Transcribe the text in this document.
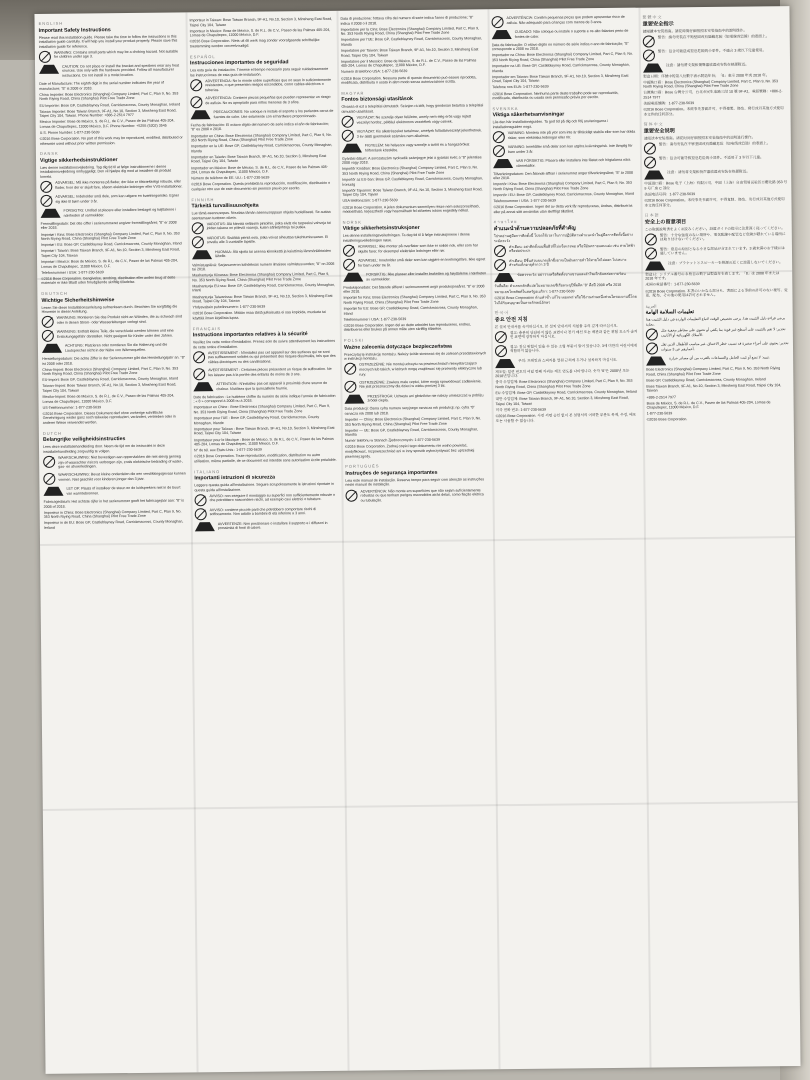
ENGLISH
Important Safety Instructions
Please read this installation guide. Please take the time to follow the instructions in this installation guide carefully. It will help you install your product properly. Please save this installation guide for reference.
WARNING: Contains small parts which may be a choking hazard. Not suitable for children under age 3.
CAUTION: Do not place or install the bracket and speakers near any heat sources. Use only with the hardware provided. Follow all manufacturer instructions. Do not install in a moist location.
Date of Manufacture: The eighth digit in the serial number indicates the year of manufacture; "8" is 2008 or 2018.
China Importer: Bose Electronics (Shanghai) Company Limited, Part C, Plan 9, No. 353 North Riying Road, China (Shanghai) Pilot Free Trade Zone
EU Importer: Bose GP, Castleblayney Road, Carrickmacross, County Monaghan, Ireland
Taiwan Importer: Bose Taiwan Branch, 9F-A1, No.10, Section 3, Minsheng East Road, Taipei City 104, Taiwan. Phone Number: +886-2-2514 7977
Mexico Importer: Bose de México, S. de R.L. de C.V., Paseo de las Palmas 405-204, Lomas de Chapultepec, 11000 México, D.F. Phone Number: +5255 (5202) 3545
U.S. Phone Number: 1-877-230-5639
©2016 Bose Corporation. No part of this work may be reproduced, modified, distributed or otherwise used without prior written permission.
DANSK
Vigtige sikkerhedsinstruktioner
Læs denne installationsvejledning. Tag dig tid til at følge instruktionerne i denne installationsvejledning omhyggeligt. Den vil hjælpe dig med at installere dit produkt korrekt.
ADVARSEL: Må ikke monteres på flader, der ikke er tilstrækkeligt robuste, eller flader, hvor der er skjult fare, såsom elektriske ledninger eller VVS-installationer.
ADVARSEL: Indeholder små dele, som kan udgøre en kvælningsrisiko. Egner sig ikke til børn under 3 år.
FORSIGTIG: Undlad at placere eller installere beslaget og højttalerne i nærheden af varmekilder.
Fremstillingsdato: Det otte ciffer i serienummeret angiver fremstillingsåret; "8" er 2008 eller 2018.
Importør i Kina: Bose Electronics (Shanghai) Company Limited, Part C, Plan 9, No. 353 North Riying Road, China (Shanghai) Pilot Free Trade Zone
Importør i EU: Bose GP, Castleblayney Road, Carrickmacross, County Monaghan, Irland
Importør i Taiwan: Bose Taiwan Branch, 9F-A1, No.10, Section 3, Minsheng East Road, Taipei City 104, Taiwan
Importør i Mexico: Bose de México, S. de R.L. de C.V., Paseo de las Palmas 405-204, Lomas de Chapultepec, 11000 México, D.F.
Telefonnummer i USA: 1-877-230-5639
©2016 Bose Corporation. Gengivelse, ændring, distribution eller anden brug af dette materiale er ikke tilladt uden forudgående skriftlig tilladelse.
DEUTSCH
Wichtige Sicherheitshinweise
Lesen Sie diese Installationsanleitung aufmerksam durch. Beachten Sie sorgfältig die Hinweise in dieser Anleitung.
WARNUNG: Montieren Sie das Produkt nicht an Wänden, die zu schwach sind oder in denen Strom- oder Wasserleitungen verlegt sind.
WARNUNG: Enthält kleine Teile, die verschluckt werden können und eine Erstickungsgefahr darstellen. Nicht geeignet für Kinder unter drei Jahren.
ACHTUNG: Platzieren oder montieren Sie die Halterung und die Lautsprecher nicht in der Nähe von Wärmequellen.
Herstellungsdatum: Die achte Ziffer in der Seriennummer gibt das Herstellungsjahr an. "8" ist 2008 oder 2018.
China-Import: Bose Electronics (Shanghai) Company Limited, Part C, Plan 9, No. 353 North Riying Road, China (Shanghai) Pilot Free Trade Zone
EU-Import: Bose GP, Castleblayney Road, Carrickmacross, County Monaghan, Irland
Taiwan-Import: Bose Taiwan Branch, 9F-A1, No.10, Section 3, Minsheng East Road, Taipei City 104, Taiwan
Mexiko-Import: Bose de México, S. de R.L. de C.V., Paseo de las Palmas 405-204, Lomas de Chapultepec, 11000 México, D.F.
US-Telefonnummer: 1-877-230-5639
©2016 Bose Corporation. Dieses Dokument darf ohne vorherige schriftliche Genehmigung weder ganz noch teilweise reproduziert, verändert, vertrieben oder in anderer Weise verwendet werden.
DUTCH
Belangrijke veiligheidsinstructies
Lees deze installatiehandleiding door. Neem de tijd om de instructies in deze installatiehandleiding zorgvuldig te volgen.
WAARSCHUWING: Niet bevestigen aan oppervlakken die niet stevig genoeg zijn of waarachter risico's verborgen zijn, zoals elektrische bedrading of water-, gas- en afvoerleidingen.
WAARSCHUWING: Bevat kleine onderdelen die een verstikkingsgevaar kunnen vormen. Niet geschikt voor kinderen jonger dan 3 jaar.
LET OP: Plaats of installeer de steun en de luidsprekers niet in de buurt van warmtebronnen.
Fabricagedatum: Het achtste cijfer in het serienummer geeft het fabricagejaar aan: "8" is 2008 of 2018.
Importeur in China: Bose Electronics (Shanghai) Company Limited, Part C, Plan 9, No. 353 North Riying Road, China (Shanghai) Pilot Free Trade Zone
Importeur in de EU: Bose GP, Castleblayney Road, Carrickmacross, County Monaghan, Ierland
Importeur in Taiwan: Bose Taiwan Branch, 9F-A1, No.10, Section 3, Minsheng East Road, Taipei City 104, Taiwan
Importeur in Mexico: Bose de México, S. de R.L. de C.V., Paseo de las Palmas 405-204, Lomas de Chapultepec, 11000 México, D.F.
©2016 Bose Corporation. Niets uit dit werk mag zonder voorafgaande schriftelijke toestemming worden verveelvoudigd.
ESPAÑOL
Instrucciones importantes de seguridad
Lea esta guía de instalación. Tómese el tiempo necesario para seguir cuidadosamente las instrucciones de esta guía de instalación.
ADVERTENCIA: No lo monte sobre superficies que no sean lo suficientemente resistentes, o que presenten riesgos escondidos, como cables eléctricos o tuberías.
ADVERTENCIA: Contiene piezas pequeñas que pueden representar un riesgo de asfixia. No es apropiado para niños menores de 3 años.
PRECAUCIONES: No coloque ni instale el soporte y los parlantes cerca de fuentes de calor. Use solamente con el hardware proporcionado.
Fecha de fabricación: El octavo dígito del número de serie indica el año de fabricación; "8" es 2008 o 2018.
Importador en China: Bose Electronics (Shanghai) Company Limited, Part C, Plan 9, No. 353 North Riying Road, China (Shanghai) Pilot Free Trade Zone
Importador en la UE: Bose GP, Castleblayney Road, Carrickmacross, County Monaghan, Irlanda
Importador en Taiwán: Bose Taiwan Branch, 9F-A1, No.10, Section 3, Minsheng East Road, Taipei City 104, Taiwán
Importador en México: Bose de México, S. de R.L. de C.V., Paseo de las Palmas 405-204, Lomas de Chapultepec, 11000 México, D.F.
Número de teléfono de EE. UU.: 1-877-230-5639
©2016 Bose Corporation. Queda prohibida la reproducción, modificación, distribución o cualquier otro uso de este documento sin permiso previo por escrito.
FINNISH
Tärkeitä turvallisuusohjeita
Lue tämä asennusopas. Noudata tämän asennusoppaan ohjeita huolellisesti. Se auttaa asentamaan tuotteen oikein.
VAROITUS: Älä kiinnitä sellaisiin pintoihin, jotka eivät ole tarpeeksi vahvoja tai joiden takana on piileviä vaaroja, kuten sähköjohtoja tai putkia.
VAROITUS: Sisältää pieniä osia, jotka voivat aiheuttaa tukehtumisvaaran. Ei sovellu alle 3-vuotiaille lapsille.
HUOMAA: Älä sijoita tai asenna kiinnikettä ja kaiuttimia lämmönlähteiden lähelle.
Valmistuspäivä: Sarjanumeron kahdeksas numero ilmaisee valmistusvuoden; "8" on 2008 tai 2018.
Maahantuoja Kiinassa: Bose Electronics (Shanghai) Company Limited, Part C, Plan 9, No. 353 North Riying Road, China (Shanghai) Pilot Free Trade Zone
Maahantuoja EU:ssa: Bose GP, Castleblayney Road, Carrickmacross, County Monaghan, Irlanti
Maahantuoja Taiwanissa: Bose Taiwan Branch, 9F-A1, No.10, Section 3, Minsheng East Road, Taipei City 104, Taiwan
Yhdysvaltain puhelinnumero: 1-877-230-5639
©2016 Bose Corporation. Mitään osaa tästä julkaisusta ei saa kopioida, muokata tai käyttää ilman kirjallista lupaa.
FRANÇAIS
Instructions importantes relatives à la sécurité
Veuillez lire cette notice d'installation. Prenez soin de suivre attentivement les instructions de cette notice d'installation.
AVERTISSEMENT : N'installez pas cet appareil sur des surfaces qui ne sont pas suffisamment solides ou qui présentent des risques dissimulés, tels que des câbles électriques ou des canalisations.
AVERTISSEMENT : Certaines pièces présentent un risque de suffocation. Ne les laissez pas à la portée des enfants de moins de 3 ans.
ATTENTION : N'installez pas cet appareil à proximité d'une source de chaleur. N'utilisez que la quincaillerie fournie.
Date de fabrication : Le huitième chiffre du numéro de série indique l'année de fabrication ; « 8 » correspond à 2008 ou à 2018.
Importateur en Chine : Bose Electronics (Shanghai) Company Limited, Part C, Plan 9, No. 353 North Riying Road, China (Shanghai) Pilot Free Trade Zone
Importateur pour l'UE : Bose GP, Castleblayney Road, Carrickmacross, County Monaghan, Irlande
Importateur pour Taïwan : Bose Taiwan Branch, 9F-A1, No.10, Section 3, Minsheng East Road, Taipei City 104, Taïwan
Importateur pour le Mexique : Bose de México, S. de R.L. de C.V., Paseo de las Palmas 405-204, Lomas de Chapultepec, 11000 México, D.F.
N° de tél. aux États-Unis : 1-877-230-5639
©2016 Bose Corporation. Toute reproduction, modification, distribution ou autre utilisation, même partielle, de ce document est interdite sans autorisation écrite préalable.
ITALIANO
Importanti istruzioni di sicurezza
Leggere questa guida all'installazione. Seguire scrupolosamente le istruzioni riportate in questa guida all'installazione.
AVVISO: non eseguire il montaggio su superfici non sufficientemente robuste o che potrebbero nascondere rischi, ad esempio cavi elettrici o tubature.
AVVISO: contiene piccole parti che potrebbero comportare rischi di soffocamento. Non adatto a bambini di età inferiore a 3 anni.
AVVERTENZE: Non posizionare o installare il supporto e i diffusori in prossimità di fonti di calore.
Data di produzione: l'ottava cifra del numero di serie indica l'anno di produzione; "8" indica il 2008 o il 2018.
Importatore per la Cina: Bose Electronics (Shanghai) Company Limited, Part C, Plan 9, No. 353 North Riying Road, China (Shanghai) Pilot Free Trade Zone
Importatore per l'UE: Bose GP, Castleblayney Road, Carrickmacross, County Monaghan, Irlanda
Importatore per Taiwan: Bose Taiwan Branch, 9F-A1, No.10, Section 3, Minsheng East Road, Taipei City 104, Taiwan
Importatore per il Messico: Bose de México, S. de R.L. de C.V., Paseo de las Palmas 405-204, Lomas de Chapultepec, 11000 México, D.F.
Numero di telefono USA: 1-877-230-5639
©2016 Bose Corporation. Nessuna parte di questo documento può essere riprodotta, modificata, distribuita o usata in altro modo senza autorizzazione scritta.
MAGYAR
Fontos biztonsági utasítások
Olvassa el ezt a telepítési útmutatót. Szánjon rá időt, hogy gondosan betartsa a telepítési útmutató utasításait.
VIGYÁZAT: Ne szerelje olyan felületre, amely nem elég erős vagy rejtett veszélyt hordoz, például elektromos vezetékek vagy csövek.
VIGYÁZAT: Kis alkatrészeket tartalmaz, amelyek fulladásveszélyt jelenthetnek. 3 év alatti gyermekek számára nem alkalmas.
FIGYELEM: Ne helyezze vagy szerelje a tartót és a hangszórókat hőforrások közelébe.
Gyártási dátum: A sorozatszám nyolcadik számjegye jelzi a gyártás évét; a "8" jelentése 2008 vagy 2018.
Importőr Kínában: Bose Electronics (Shanghai) Company Limited, Part C, Plan 9, No. 353 North Riying Road, China (Shanghai) Pilot Free Trade Zone
Importőr az EU-ban: Bose GP, Castleblayney Road, Carrickmacross, County Monaghan, Írország
Importőr Tajvanon: Bose Taiwan Branch, 9F-A1, No.10, Section 3, Minsheng East Road, Taipei City 104, Tajvan
USA telefonszám: 1-877-230-5639
©2016 Bose Corporation. A jelen dokumentum semmilyen része nem sokszorosítható, módosítható, terjeszthető vagy használható fel előzetes írásos engedély nélkül.
NORSK
Viktige sikkerhetsinstruksjoner
Les denne installeringsveiledningen. Ta deg tid til å følge instruksjonene i denne installeringsveiledningen nøye.
ADVARSEL: Ikke monter på overflater som ikke er solide nok, eller som har skjulte farer, for eksempel elektriske ledninger eller rør.
ADVARSEL: Inneholder små deler som kan utgjøre en kvelningsfare. Ikke egnet for barn under tre år.
FORSIKTIG: Ikke plasser eller installer braketten og høyttalerne i nærheten av varmekilder.
Produksjonsdato: Det åttende sifferet i serienummeret angir produksjonsåret. "8" er 2008 eller 2018.
Importør for Kina: Bose Electronics (Shanghai) Company Limited, Part C, Plan 9, No. 353 North Riying Road, China (Shanghai) Pilot Free Trade Zone
Importør for EU: Bose GP, Castleblayney Road, Carrickmacross, County Monaghan, Irland
Telefonnummer i USA: 1-877-230-5639
©2016 Bose Corporation. Ingen del av dette arbeidet kan reproduseres, endres, distribueres eller brukes på annen måte uten skriftlig tillatelse.
POLSKI
Ważne zalecenia dotyczące bezpieczeństwa
Przeczytaj tę instrukcję montażu. Należy ściśle stosować się do zaleceń przedstawionych w instrukcji montażu.
OSTRZEŻENIE: Nie montuj uchwytu na powierzchniach niewystarczająco mocnych lub takich, w których mogą znajdować się przewody elektryczne lub rury.
OSTRZEŻENIE: Zawiera małe części, które mogą spowodować zadławienie. Nie jest przeznaczony dla dzieci w wieku poniżej 3 lat.
PRZESTROGA: Uchwytu ani głośników nie należy umieszczać w pobliżu źródeł ciepła.
Data produkcji: Ósma cyfra numeru seryjnego oznacza rok produkcji; np. cyfra "8" oznacza rok 2008 lub 2018.
Importer — Chiny: Bose Electronics (Shanghai) Company Limited, Part C, Plan 9, No. 353 North Riying Road, China (Shanghai) Pilot Free Trade Zone
Importer — UE: Bose GP, Castleblayney Road, Carrickmacross, County Monaghan, Irlandia
Numer telefonu w Stanach Zjednoczonych: 1-877-230-5639
©2016 Bose Corporation. Żadnej części tego dokumentu nie wolno powielać, modyfikować, rozpowszechniać ani w inny sposób wykorzystywać bez uprzedniej pisemnej zgody.
PORTUGUÊS
Instruções de segurança importantes
Leia este manual de instalação. Reserve tempo para seguir com atenção as instruções neste manual de instalação.
ADVERTÊNCIA: Não monte em superfícies que não sejam suficientemente robustas ou que tenham perigos escondidos atrás delas, como fiação elétrica ou tubulação.
ADVERTÊNCIA: Contém pequenas peças que podem apresentar risco de asfixia. Não adequado para crianças com menos de 3 anos.
CUIDADO: Não coloque ou instale o suporte e os alto-falantes perto de fontes de calor.
Data de fabricação: O oitavo dígito no número de série indica o ano de fabricação; "8" corresponde a 2008 ou 2018.
Importador na China: Bose Electronics (Shanghai) Company Limited, Part C, Plan 9, No. 353 North Riying Road, China (Shanghai) Pilot Free Trade Zone
Importador na UE: Bose GP, Castleblayney Road, Carrickmacross, County Monaghan, Irlanda
Importador em Taiwan: Bose Taiwan Branch, 9F-A1, No.10, Section 3, Minsheng East Road, Taipei City 104, Taiwan
Telefone nos EUA: 1-877-230-5639
©2016 Bose Corporation. Nenhuma parte deste trabalho pode ser reproduzida, modificada, distribuída ou usada sem permissão prévia por escrito.
SVENSKA
Viktiga säkerhetsanvisningar
Läs den här installationsguiden. Ta god tid på dig och följ anvisningarna i installationsguiden noga.
VARNING: Montera inte på ytor som inte är tillräckligt stabila eller som har dolda risker, som elektriska ledningar eller rör.
VARNING: Innehåller små delar som kan utgöra kvävningsrisk. Inte lämplig för barn under 3 år.
VAR FÖRSIKTIG: Placera eller installera inte fästet och högtalarna nära värmekällor.
Tillverkningsdatum: Den åttonde siffran i serienumret anger tillverkningsåret; "8" är 2008 eller 2018.
Importör i Kina: Bose Electronics (Shanghai) Company Limited, Part C, Plan 9, No. 353 North Riying Road, China (Shanghai) Pilot Free Trade Zone
Importör i EU: Bose GP, Castleblayney Road, Carrickmacross, County Monaghan, Irland
Telefonnummer i USA: 1-877-230-5639
©2016 Bose Corporation. Ingen del av detta verk får reproduceras, ändras, distribueras eller på annat sätt användas utan skriftligt tillstånd.
ภาษาไทย
คำแนะนำด้านความปลอดภัยที่สำคัญ
โปรดอ่านคู่มือการติดตั้งนี้ โปรดใช้เวลาในการปฏิบัติตามคำแนะนำในคู่มือการติดตั้งนี้อย่างระมัดระวัง
คำเตือน: อย่าติดตั้งบนพื้นผิวที่ไม่แข็งแรงพอ หรือมีอันตรายแอบแฝง เช่น สายไฟฟ้าหรือท่อประปา
คำเตือน: มีชิ้นส่วนขนาดเล็กซึ่งอาจเป็นอันตรายทำให้หายใจไม่ออก ไม่เหมาะสำหรับเด็กอายุต่ำกว่า 3 ปี
ข้อควรระวัง: อย่าวางหรือติดตั้งขาแขวนและลำโพงใกล้แหล่งความร้อน
วันที่ผลิต: ตัวเลขหลักที่แปดในหมายเลขซีเรียลระบุปีที่ผลิต "8" คือปี 2008 หรือ 2018
หมายเลขโทรศัพท์ในสหรัฐอเมริกา: 1-877-230-5639
©2016 Bose Corporation ห้ามทำซ้ำ แก้ไข เผยแพร่ หรือใช้งานส่วนหนึ่งส่วนใดของงานนี้โดยไม่ได้รับอนุญาตเป็นลายลักษณ์อักษร
한국어
중요 안전 지침
본 설치 안내서를 숙지하십시오. 본 설치 안내서의 지침을 주의 깊게 따르십시오.
경고: 충분히 단단하지 않은 표면이나 전기 배선 또는 배관과 같은 위험 요소가 숨겨진 표면에 장착하지 마십시오.
경고: 질식 위험이 있을 수 있는 소형 부품이 들어 있습니다. 3세 미만의 어린이에게 적합하지 않습니다.
주의: 브래킷과 스피커를 열원 근처에 두거나 설치하지 마십시오.
제조일: 일련 번호의 여덟 번째 자리는 제조 연도를 나타냅니다. 숫자 "8"은 2008년 또는 2018년입니다.
중국 수입업체: Bose Electronics (Shanghai) Company Limited, Part C, Plan 9, No. 353 North Riying Road, China (Shanghai) Pilot Free Trade Zone
EU 수입업체: Bose GP, Castleblayney Road, Carrickmacross, County Monaghan, Ireland
대만 수입업체: Bose Taiwan Branch, 9F-A1, No.10, Section 3, Minsheng East Road, Taipei City 104, Taiwan
미국 전화 번호: 1-877-230-5639
©2016 Bose Corporation. 사전 서면 승인 없이 본 설명서의 어떠한 부분도 복제, 수정, 배포 또는 사용할 수 없습니다.
繁體中文
重要安全指示
請閱讀本安裝指南。請花時間仔細按照本安裝指南中的說明操作。
警告：請勿安裝在不夠堅固或有隱藏危險（如電線或管線）的表面上。
警告：包含可能造成窒息危險的小零件。不適合 3 歲以下兒童使用。
注意：請勿將支架和揚聲器放置或安裝在熱源附近。
製造日期：序號中的第八位數字表示製造年份；「8」表示 2008 年或 2018 年。
中國進口商：Bose Electronics (Shanghai) Company Limited, Part C, Plan 9, No. 353 North Riying Road, China (Shanghai) Pilot Free Trade Zone
台灣進口商：Bose 台灣分公司，台北市民生東路三段 10 號 9F-A1，電話號碼：+886-2-2514 7977
美國電話號碼：1-877-230-5639
©2016 Bose Corporation。未經事先書面許可，不得複製、修改、發行或以其他方式使用本文件的任何部分。
简体中文
重要安全说明
请阅读本安装指南。请花时间仔细按照本安装指南中的说明进行操作。
警告：请勿安装在不够坚固或有隐藏危险（如电线或管道）的表面上。
警告：包含可能导致窒息危险的小部件。不适用于 3 岁以下儿童。
注意：请勿将支架和扬声器放置或安装在热源附近。
中国进口商：Bose 电子（上海）有限公司，中国（上海）自由贸易试验区日樱北路 353 号 9 号厂房 C 部位
美国电话号码：1-877-230-5639
©2016 Bose Corporation。未经事先书面许可，不得复制、修改、发行或以其他方式使用本文的任何部分。
日本語
安全上の留意項目
この取扱説明書をよくお読みください。設置ガイドの指示に注意深く従ってください。
警告：十分な強度のない場所や、電気配線や配管など危険が隠れている場所には取り付けないでください。
警告：窒息の原因となる小さな部品が含まれています。3 歳未満のお子様には適していません。
注意：ブラケットとスピーカーを熱源の近くに設置しないでください。
製造日：シリアル番号の 8 桁目の数字は製造年を表します。「8」は 2008 年または 2018 年です。
米国の電話番号：1-877-230-5639
©2016 Bose Corporation. 本書のいかなる部分も、書面による事前の許可のない複写、変更、配布、その他の使用は許可されません。
العربية
تعليمات السلامة الهامة
يرجى قراءة دليل التثبيت هذا. يرجى تخصيص الوقت لاتباع التعليمات الواردة في دليل التثبيت هذا بعناية.
تحذير: لا تقم بالتثبيت على أسطح غير قوية بما يكفي أو تحتوي على مخاطر مخفية مثل الأسلاك الكهربائية أو الأنابيب.
تحذير: يحتوي على أجزاء صغيرة قد تسبب خطر الاختناق. غير مناسب للأطفال الذين تقل أعمارهم عن 3 سنوات.
تنبيه: لا تضع أو تثبت الحامل والسماعات بالقرب من أي مصادر حرارة.
Bose Electronics (Shanghai) Company Limited, Part C, Plan 9, No. 353 North Riying Road, China (Shanghai) Pilot Free Trade Zone
Bose GP, Castleblayney Road, Carrickmacross, County Monaghan, Ireland
Bose Taiwan Branch, 9F-A1, No.10, Section 3, Minsheng East Road, Taipei City 104, Taiwan
+886-2-2514 7977
Bose de México, S. de R.L. de C.V., Paseo de las Palmas 405-204, Lomas de Chapultepec, 11000 México, D.F.
1-877-230-5639
©2016 Bose Corporation.
